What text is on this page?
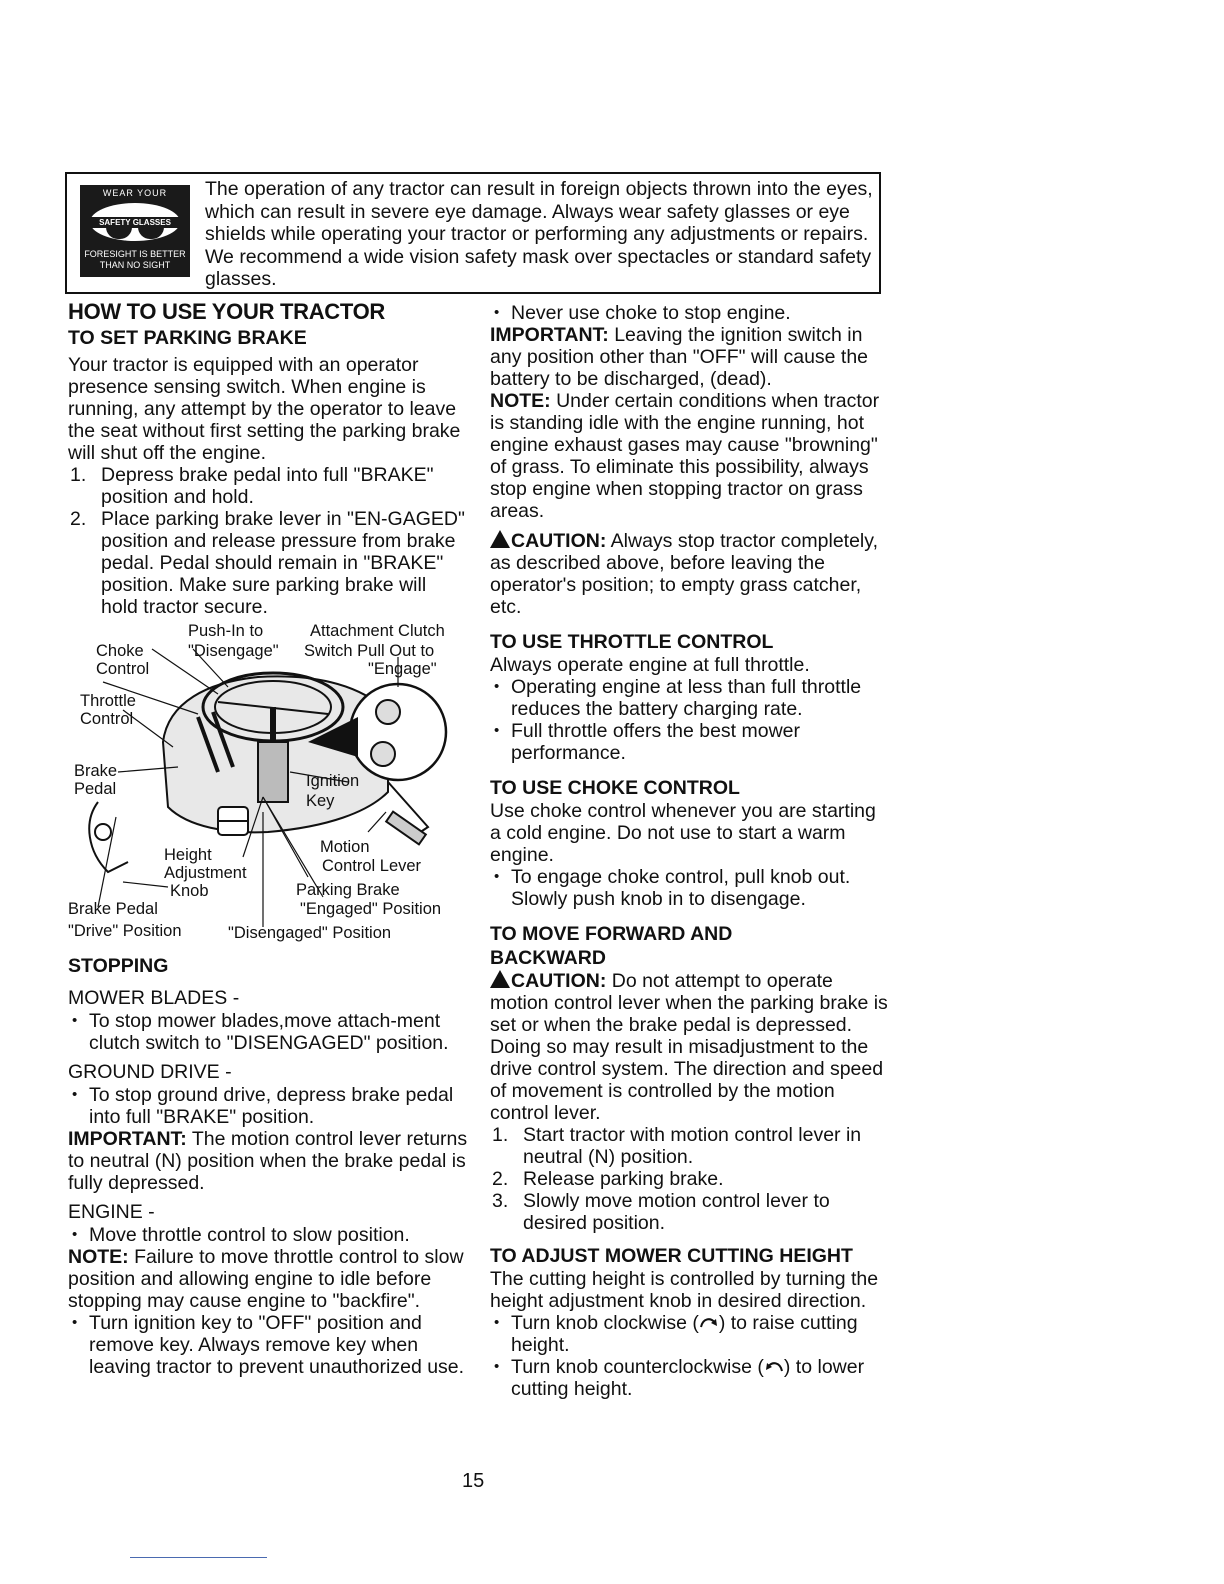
WEAR YOUR
SAFETY GLASSES
FORESIGHT IS BETTER
THAN NO SIGHT
The operation of any tractor can result in foreign objects thrown into the eyes, which can result in severe eye damage. Always wear safety glasses or eye shields while operating your tractor or performing any adjustments or repairs. We recommend a wide vision safety mask over spectacles or standard safety glasses.
HOW TO USE YOUR TRACTOR
TO SET PARKING BRAKE

Your tractor is equipped with an operator presence sensing switch. When engine is running, any attempt by the operator to leave the seat without first setting the parking brake will shut off the engine.

1. Depress brake pedal into full "BRAKE" position and hold.
2. Place parking brake lever in "EN-GAGED" position and release pressure from brake pedal. Pedal should remain in "BRAKE" position. Make sure parking brake will hold tractor secure.
Push-In to	Attachment Clutch
Choke	"Disengage" Switch Pull Out to
Control	"Engage"
Throttle
Control
Brake
Pedal	Ignition
Key
Motion
Control Lever
Height
Adjustment
Knob	Parking Brake
"Engaged" Position
Brake Pedal
"Drive" Position	"Disengaged" Position
STOPPING

MOWER BLADES -

• To stop mower blades,move attach-ment clutch switch to "DISENGAGED" position.

GROUND DRIVE -

• To stop ground drive, depress brake pedal into full "BRAKE" position.

IMPORTANT: The motion control lever returns to neutral (N) position when the brake pedal is fully depressed.

ENGINE -

• Move throttle control to slow position.

NOTE: Failure to move throttle control to slow position and allowing engine to idle before stopping may cause engine to "backfire".

• Turn ignition key to "OFF" position and remove key. Always remove key when leaving tractor to prevent unauthorized use.
• Never use choke to stop engine.

IMPORTANT: Leaving the ignition switch in any position other than "OFF" will cause the battery to be discharged, (dead).

NOTE: Under certain conditions when tractor is standing idle with the engine running, hot engine exhaust gases may cause "browning" of grass. To eliminate this possibility, always stop engine when stopping tractor on grass areas.

CAUTION: Always stop tractor completely, as described above, before leaving the operator's position; to empty grass catcher, etc.

TO USE THROTTLE CONTROL

Always operate engine at full throttle.

• Operating engine at less than full throttle reduces the battery charging rate.
• Full throttle offers the best mower performance.
TO USE CHOKE CONTROL

Use choke control whenever you are starting a cold engine. Do not use to start a warm engine.

• To engage choke control, pull knob out. Slowly push knob in to disengage.
TO MOVE FORWARD AND
BACKWARD

CAUTION: Do not attempt to operate motion control lever when the parking brake is set or when the brake pedal is depressed. Doing so may result in misadjustment to the drive control system. The direction and speed of movement is controlled by the motion control lever.

1. Start tractor with motion control lever in neutral (N) position.
2. Release parking brake.
3. Slowly move motion control lever to desired position.
TO ADJUST MOWER CUTTING HEIGHT

The cutting height is controlled by turning the height adjustment knob in desired direction.

• Turn knob clockwise ( ) to raise cutting height.
• Turn knob counterclockwise ( ) to lower cutting height.
15
